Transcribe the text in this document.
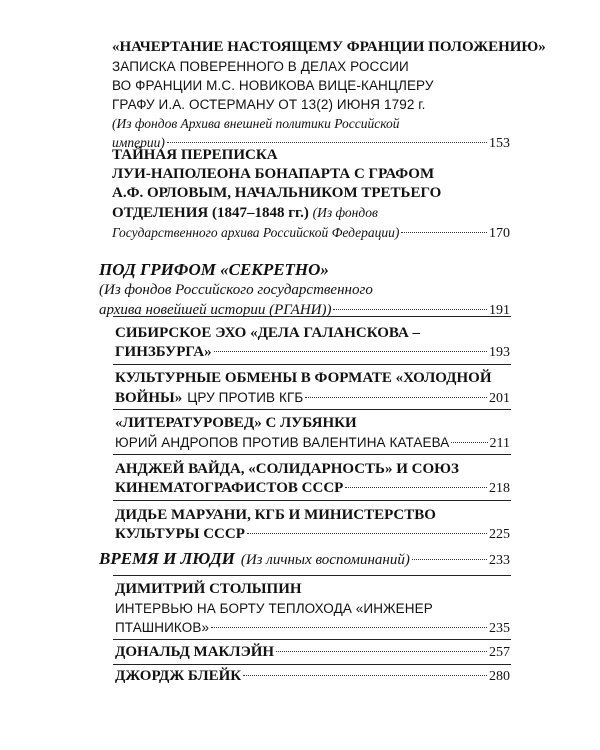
«НАЧЕРТАНИЕ НАСТОЯЩЕМУ ФРАНЦИИ ПОЛОЖЕНИЮ»
ЗАПИСКА ПОВЕРЕННОГО В ДЕЛАХ РОССИИ
ВО ФРАНЦИИ М.С. НОВИКОВА ВИЦЕ-КАНЦЛЕРУ
ГРАФУ И.А. ОСТЕРМАНУ ОТ 13(2) ИЮНЯ 1792 г.
(Из фондов Архива внешней политики Российской
империи)	153
ТАЙНАЯ ПЕРЕПИСКА
ЛУИ-НАПОЛЕОНА БОНАПАРТА С ГРАФОМ
А.Ф. ОРЛОВЫМ, НАЧАЛЬНИКОМ ТРЕТЬЕГО
ОТДЕЛЕНИЯ (1847–1848 гг.) (Из фондов
Государственного архива Российской Федерации)	170
ПОД ГРИФОМ «СЕКРЕТНО»
(Из фондов Российского государственного
архива новейшей истории (РГАНИ))	191
СИБИРСКОЕ ЭХО «ДЕЛА ГАЛАНСКОВА –
ГИНЗБУРГА»	193
КУЛЬТУРНЫЕ ОБМЕНЫ В ФОРМАТЕ «ХОЛОДНОЙ
ВОЙНЫ» ЦРУ ПРОТИВ КГБ	201
«ЛИТЕРАТУРОВЕД» С ЛУБЯНКИ
ЮРИЙ АНДРОПОВ ПРОТИВ ВАЛЕНТИНА КАТАЕВА	211
АНДЖЕЙ ВАЙДА, «СОЛИДАРНОСТЬ» И СОЮЗ
КИНЕМАТОГРАФИСТОВ СССР	218
ДИДЬЕ МАРУАНИ, КГБ И МИНИСТЕРСТВО
КУЛЬТУРЫ СССР	225
ВРЕМЯ И ЛЮДИ (Из личных воспоминаний)	233
ДИМИТРИЙ СТОЛЫПИН
ИНТЕРВЬЮ НА БОРТУ ТЕПЛОХОДА «ИНЖЕНЕР
ПТАШНИКОВ»	235
ДОНАЛЬД МАКЛЭЙН	257
ДЖОРДЖ БЛЕЙК	280
